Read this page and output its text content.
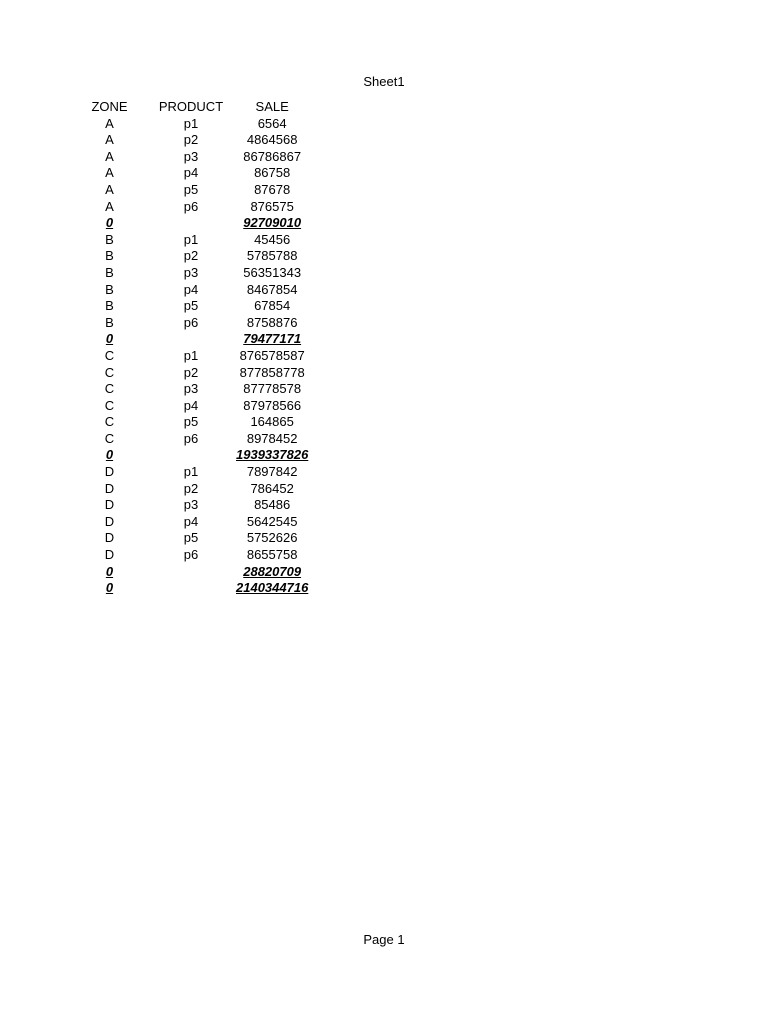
Sheet1
ZONE	PRODUCT	SALE
A	p1	6564
A	p2	4864568
A	p3	86786867
A	p4	86758
A	p5	87678
A	p6	876575
0		92709010
B	p1	45456
B	p2	5785788
B	p3	56351343
B	p4	8467854
B	p5	67854
B	p6	8758876
0		79477171
C	p1	876578587
C	p2	877858778
C	p3	87778578
C	p4	87978566
C	p5	164865
C	p6	8978452
0		1939337826
D	p1	7897842
D	p2	786452
D	p3	85486
D	p4	5642545
D	p5	5752626
D	p6	8655758
0		28820709
0		2140344716
Page 1
